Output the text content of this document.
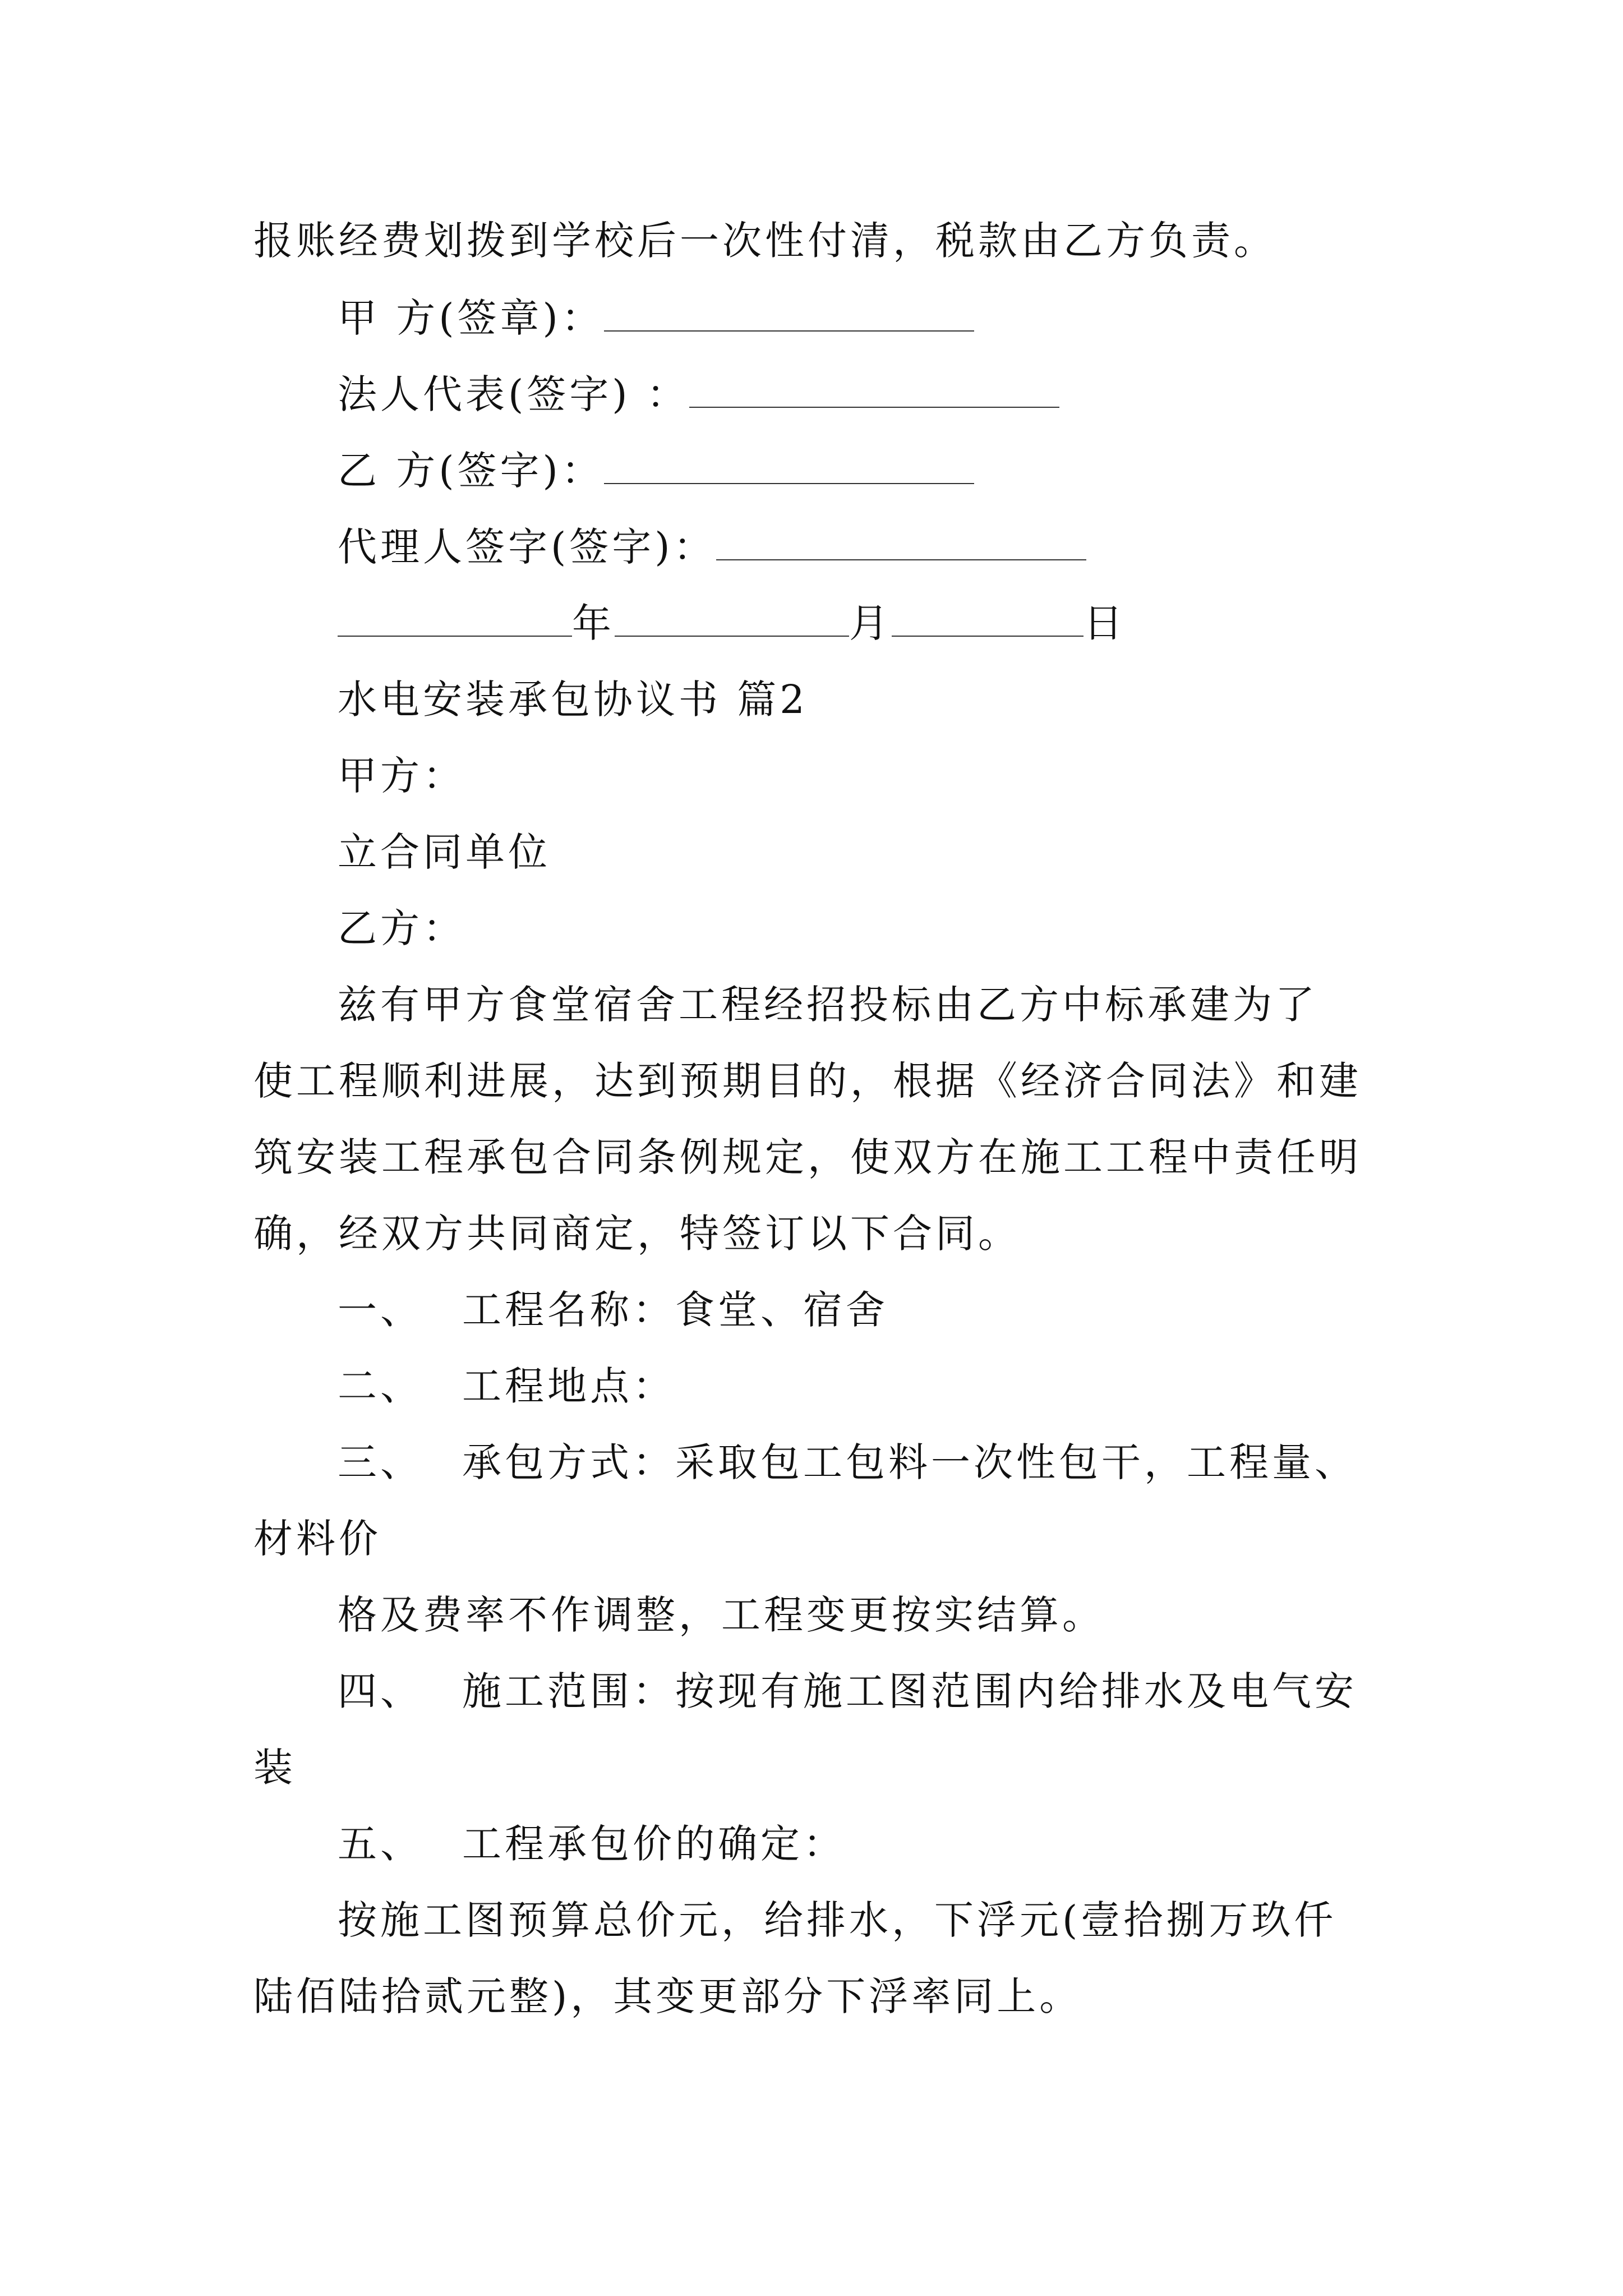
报账经费划拨到学校后一次性付清，税款由乙方负责。
甲 方(签章)：
法人代表(签字) ：
乙 方(签字)：
代理人签字(签字)：
年	月	日
水电安装承包协议书 篇2
甲方：
立合同单位
乙方：
兹有甲方食堂宿舍工程经招投标由乙方中标承建为了
使工程顺利进展，达到预期目的，根据《经济合同法》和建
筑安装工程承包合同条例规定，使双方在施工工程中责任明
确，经双方共同商定，特签订以下合同。
一、 工程名称：食堂、宿舍
二、 工程地点：
三、 承包方式：采取包工包料一次性包干，工程量、
材料价
格及费率不作调整，工程变更按实结算。
四、 施工范围：按现有施工图范围内给排水及电气安
装
五、 工程承包价的确定：
按施工图预算总价元，给排水，下浮元(壹拾捌万玖仟
陆佰陆拾贰元整)，其变更部分下浮率同上。
